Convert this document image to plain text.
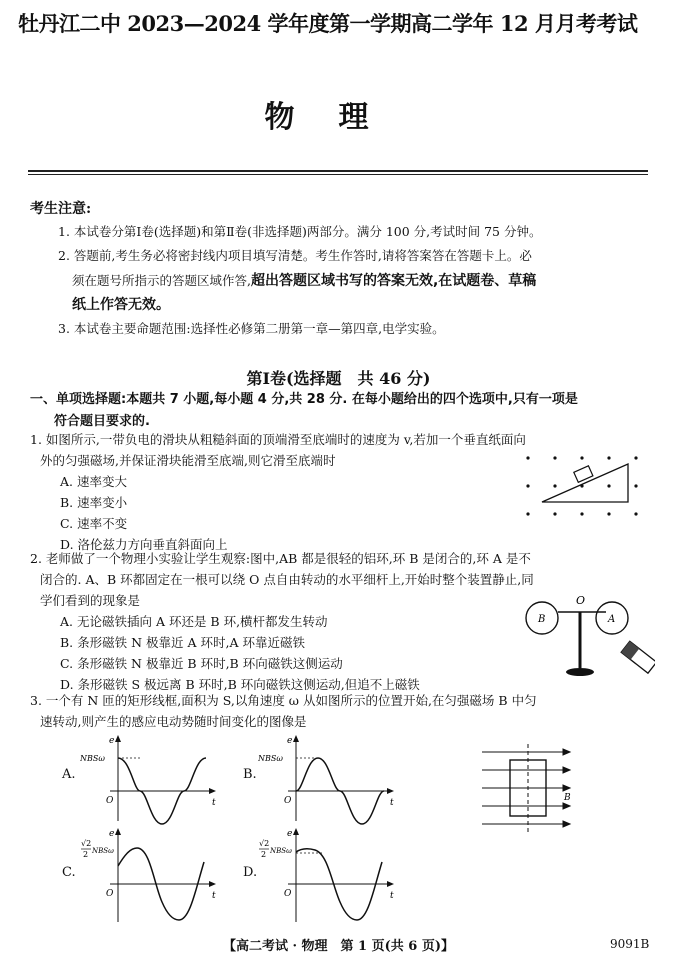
牡丹江二中 2023—2024 学年度第一学期高二学年 12 月月考考试
物理
考生注意:
1. 本试卷分第Ⅰ卷(选择题)和第Ⅱ卷(非选择题)两部分。满分 100 分,考试时间 75 分钟。
2. 答题前,考生务必将密封线内项目填写清楚。考生作答时,请将答案答在答题卡上。必
须在题号所指示的答题区域作答,超出答题区域书写的答案无效,在试题卷、草稿
纸上作答无效。
3. 本试卷主要命题范围:选择性必修第二册第一章—第四章,电学实验。
第Ⅰ卷(选择题　共 46 分)
一、单项选择题:本题共 7 小题,每小题 4 分,共 28 分. 在每小题给出的四个选项中,只有一项是
符合题目要求的.
1. 如图所示,一带负电的滑块从粗糙斜面的顶端滑至底端时的速度为 v,若加一个垂直纸面向
外的匀强磁场,并保证滑块能滑至底端,则它滑至底端时
A. 速率变大
B. 速率变小
C. 速率不变
D. 洛伦兹力方向垂直斜面向上
2. 老师做了一个物理小实验让学生观察:图中,AB 都是很轻的铝环,环 B 是闭合的,环 A 是不
闭合的. A、B 环都固定在一根可以绕 O 点自由转动的水平细杆上,开始时整个装置静止,同
学们看到的现象是
A. 无论磁铁插向 A 环还是 B 环,横杆都发生转动
B. 条形磁铁 N 极靠近 A 环时,A 环靠近磁铁
C. 条形磁铁 N 极靠近 B 环时,B 环向磁铁这侧运动
D. 条形磁铁 S 极远离 B 环时,B 环向磁铁这侧运动,但追不上磁铁
O
B	A
3. 一个有 N 匝的矩形线框,面积为 S,以角速度 ω 从如图所示的位置开始,在匀强磁场 B 中匀
速转动,则产生的感应电动势随时间变化的图像是
A.
e
t
O
NBSω
B.
e
t
O
NBSω
C.
e
t
O
√2
2 NBSω
D.
e
t
O
√2
2 NBSω
B
【高二考试 · 物理　第 1 页(共 6 页)】	9091B
